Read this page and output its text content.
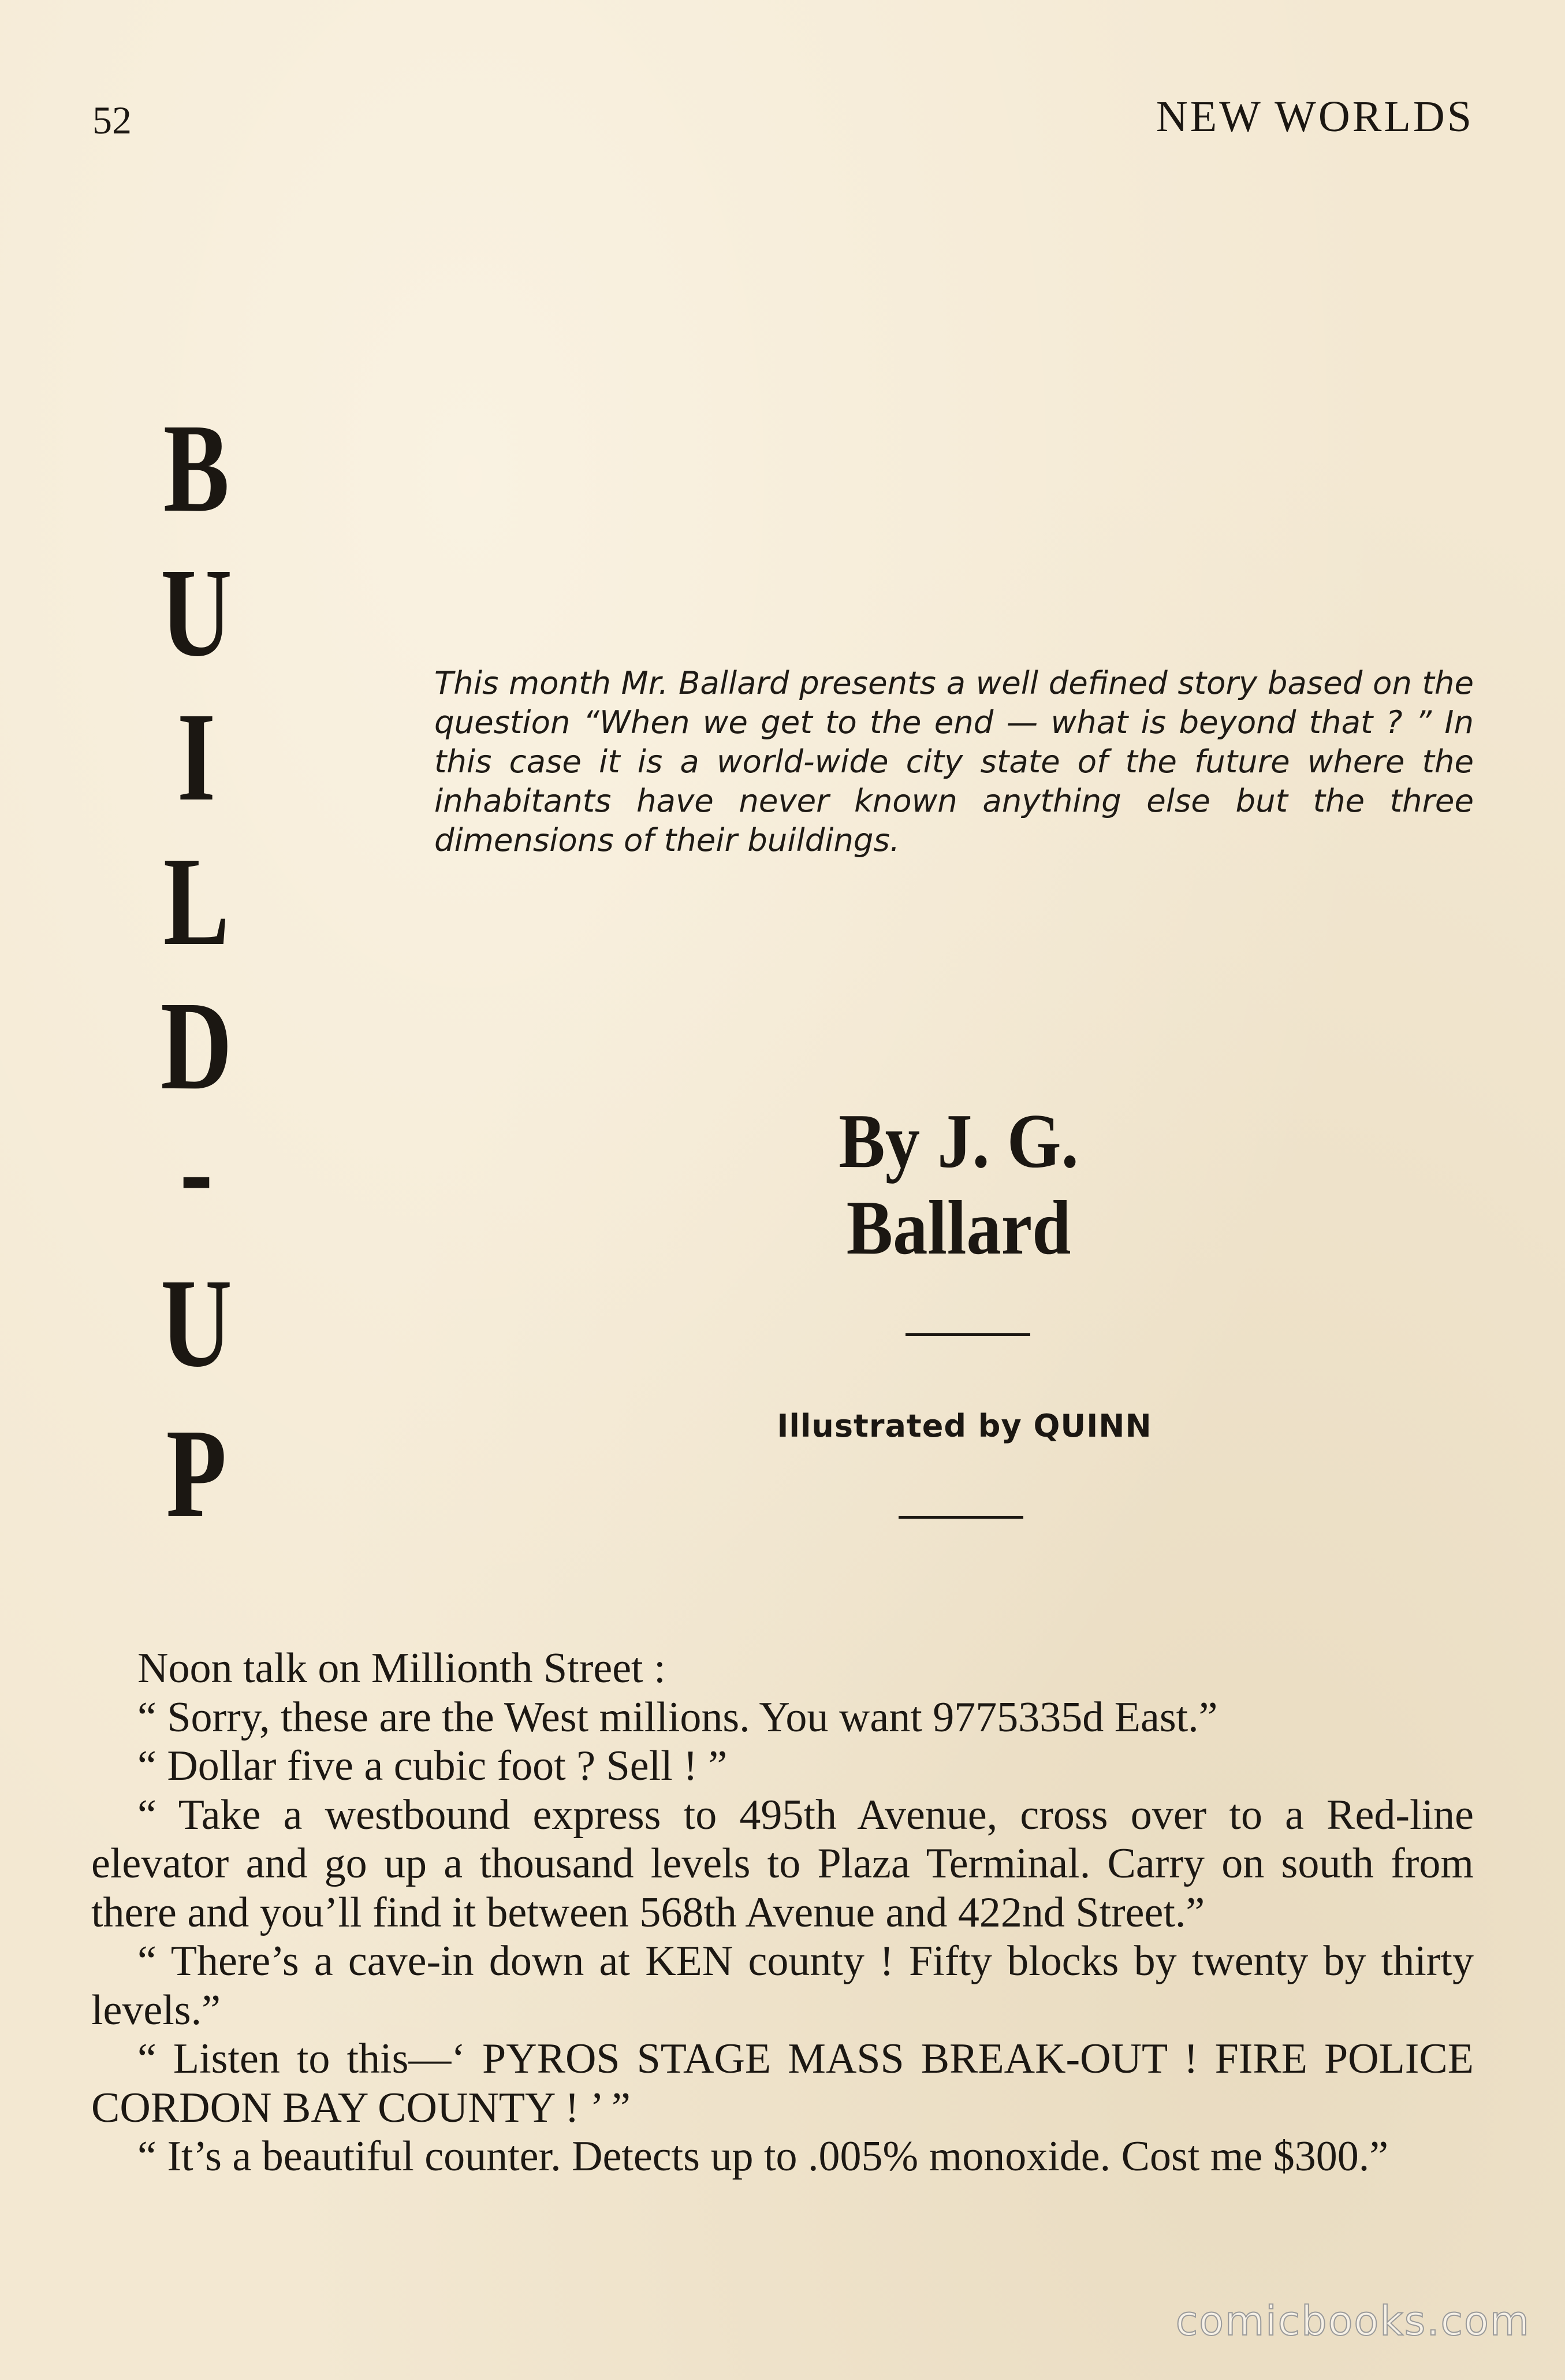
52	NEW WORLDS
B
U
I
L
D
-
U
P
This month Mr. Ballard presents a well defined story based on the question “When we get to the end — what is beyond that ? ” In this case it is a world-wide city state of the future where the inhabitants have never known anything else but the three dimensions of their buildings.
By J. G. Ballard
Illustrated by QUINN

Noon talk on Millionth Street :

“ Sorry, these are the West millions. You want 9775335d East.”

“ Dollar five a cubic foot ? Sell ! ”

“ Take a westbound express to 495th Avenue, cross over to a Red-line elevator and go up a thousand levels to Plaza Terminal. Carry on south from there and you’ll find it between 568th Avenue and 422nd Street.”

“ There’s a cave-in down at KEN county ! Fifty blocks by twenty by thirty levels.”

“ Listen to this—‘ PYROS STAGE MASS BREAK-OUT ! FIRE POLICE CORDON BAY COUNTY ! ’ ”

“ It’s a beautiful counter. Detects up to .005% monoxide. Cost me $300.”

comicbooks.com
